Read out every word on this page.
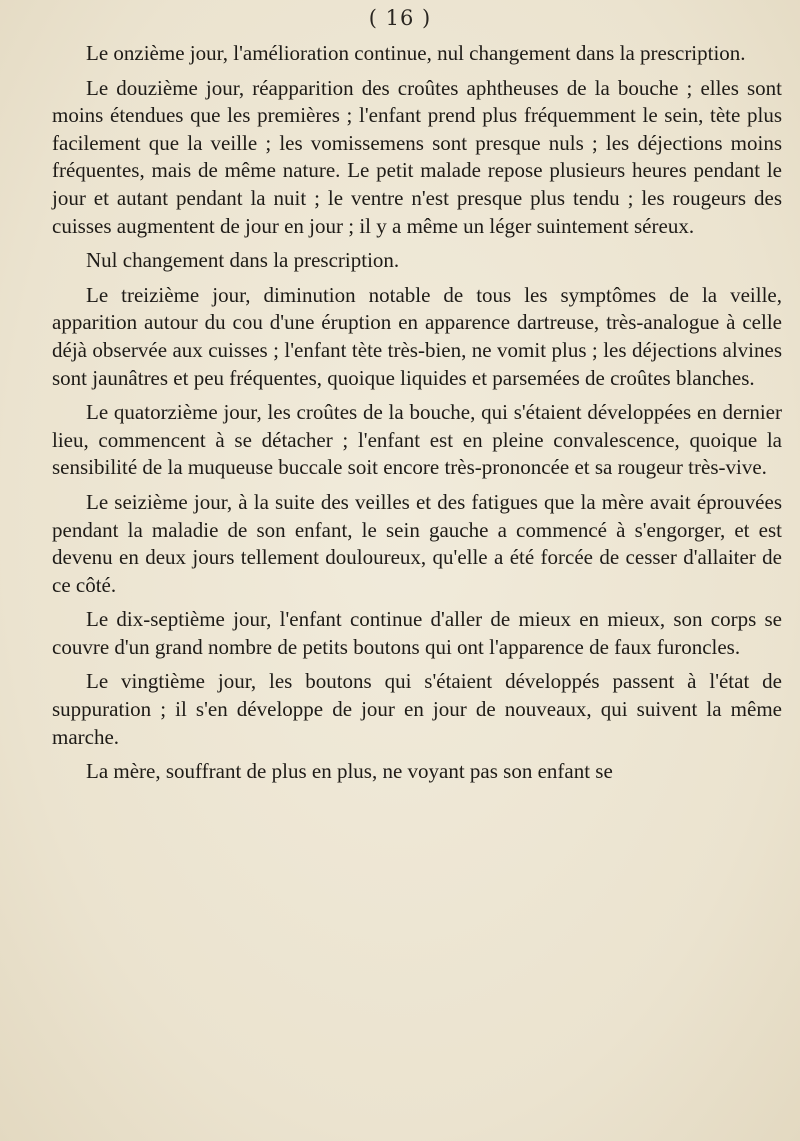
( 16 )

Le onzième jour, l'amélioration continue, nul changement dans la prescription.

Le douzième jour, réapparition des croûtes aphtheuses de la bouche ; elles sont moins étendues que les premières ; l'enfant prend plus fréquemment le sein, tète plus facilement que la veille ; les vomissemens sont presque nuls ; les déjections moins fréquentes, mais de même nature. Le petit malade repose plusieurs heures pendant le jour et autant pendant la nuit ; le ventre n'est presque plus tendu ; les rougeurs des cuisses augmentent de jour en jour ; il y a même un léger suintement séreux.

Nul changement dans la prescription.

Le treizième jour, diminution notable de tous les symptômes de la veille, apparition autour du cou d'une éruption en apparence dartreuse, très-analogue à celle déjà observée aux cuisses ; l'enfant tète très-bien, ne vomit plus ; les déjections alvines sont jaunâtres et peu fréquentes, quoique liquides et parsemées de croûtes blanches.

Le quatorzième jour, les croûtes de la bouche, qui s'étaient développées en dernier lieu, commencent à se détacher ; l'enfant est en pleine convalescence, quoique la sensibilité de la muqueuse buccale soit encore très-prononcée et sa rougeur très-vive.

Le seizième jour, à la suite des veilles et des fatigues que la mère avait éprouvées pendant la maladie de son enfant, le sein gauche a commencé à s'engorger, et est devenu en deux jours tellement douloureux, qu'elle a été forcée de cesser d'allaiter de ce côté.

Le dix-septième jour, l'enfant continue d'aller de mieux en mieux, son corps se couvre d'un grand nombre de petits boutons qui ont l'apparence de faux furoncles.

Le vingtième jour, les boutons qui s'étaient développés passent à l'état de suppuration ; il s'en développe de jour en jour de nouveaux, qui suivent la même marche.

La mère, souffrant de plus en plus, ne voyant pas son enfant se
